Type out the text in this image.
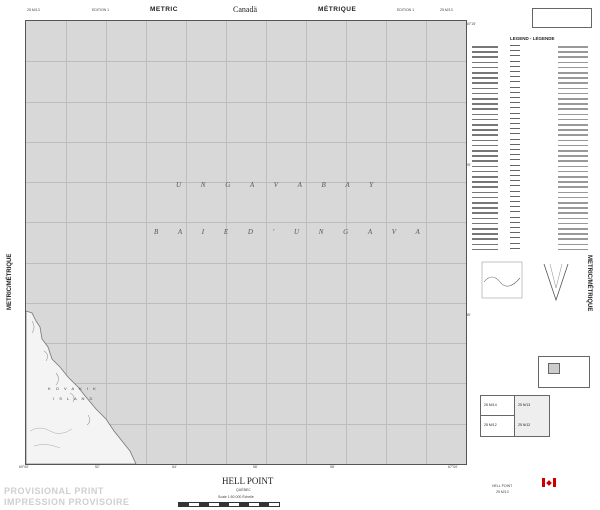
25 M/13	EDITION 1	METRIC	Canadä	MÉTRIQUE	EDITION 1	25 M/13
METRIC/MÉTRIQUE
U N G A V A B A Y
B A I E D ' U N G A V A
K O V A K I K
I S L A N D
60°15'
05'
55'
60°00'	67°00'
52'	54'	56'	58'
LEGEND - LÉGENDE
25 M/14	25 N/13
25 M/12	25 N/12
METRIC/MÉTRIQUE
HELL POINT
QUÉBEC
Scale 1:50 000 Échelle
PROVISIONAL PRINT
IMPRESSION PROVISOIRE
HELL POINT
25 M/13
